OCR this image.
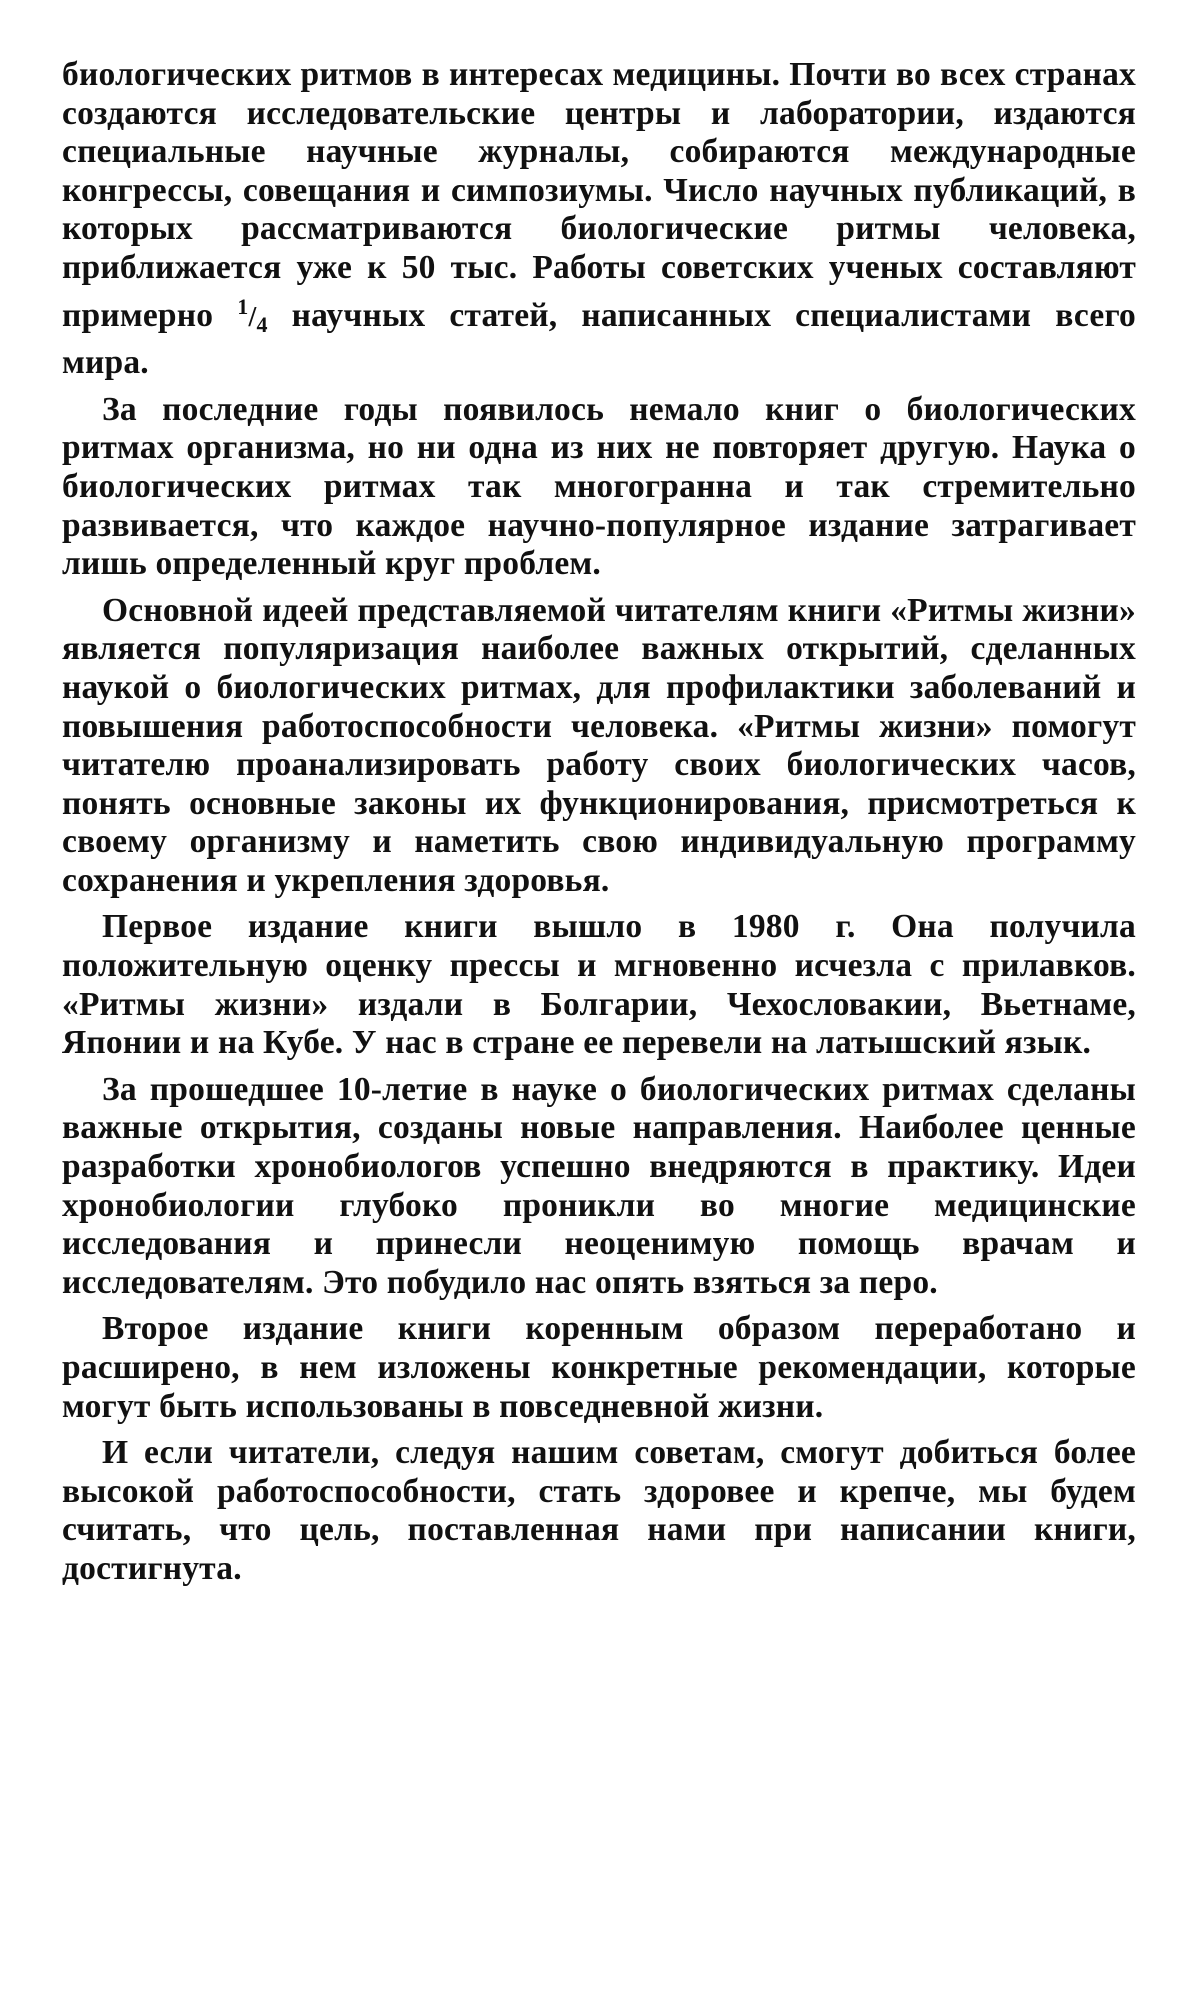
биологических ритмов в интересах медицины. Почти во всех странах создаются исследовательские центры и лаборатории, издаются специальные научные журналы, собираются международные конгрессы, совещания и симпозиумы. Число научных публикаций, в которых рассматриваются биологические ритмы человека, приближается уже к 50 тыс. Работы советских ученых составляют примерно $^1/_4$ научных статей, написанных специалистами всего мира.

За последние годы появилось немало книг о биологических ритмах организма, но ни одна из них не повторяет другую. Наука о биологических ритмах так многогранна и так стремительно развивается, что каждое научно-популярное издание затрагивает лишь определенный круг проблем.

Основной идеей представляемой читателям книги «Ритмы жизни» является популяризация наиболее важных открытий, сделанных наукой о биологических ритмах, для профилактики заболеваний и повышения работоспособности человека. «Ритмы жизни» помогут читателю проанализировать работу своих биологических часов, понять основные законы их функционирования, присмотреться к своему организму и наметить свою индивидуальную программу сохранения и укрепления здоровья.

Первое издание книги вышло в 1980 г. Она получила положительную оценку прессы и мгновенно исчезла с прилавков. «Ритмы жизни» издали в Болгарии, Чехословакии, Вьетнаме, Японии и на Кубе. У нас в стране ее перевели на латышский язык.

За прошедшее 10-летие в науке о биологических ритмах сделаны важные открытия, созданы новые направления. Наиболее ценные разработки хронобиологов успешно внедряются в практику. Идеи хронобиологии глубоко проникли во многие медицинские исследования и принесли неоценимую помощь врачам и исследователям. Это побудило нас опять взяться за перо.

Второе издание книги коренным образом переработано и расширено, в нем изложены конкретные рекомендации, которые могут быть использованы в повседневной жизни.

И если читатели, следуя нашим советам, смогут добиться более высокой работоспособности, стать здоровее и крепче, мы будем считать, что цель, поставленная нами при написании книги, достигнута.
